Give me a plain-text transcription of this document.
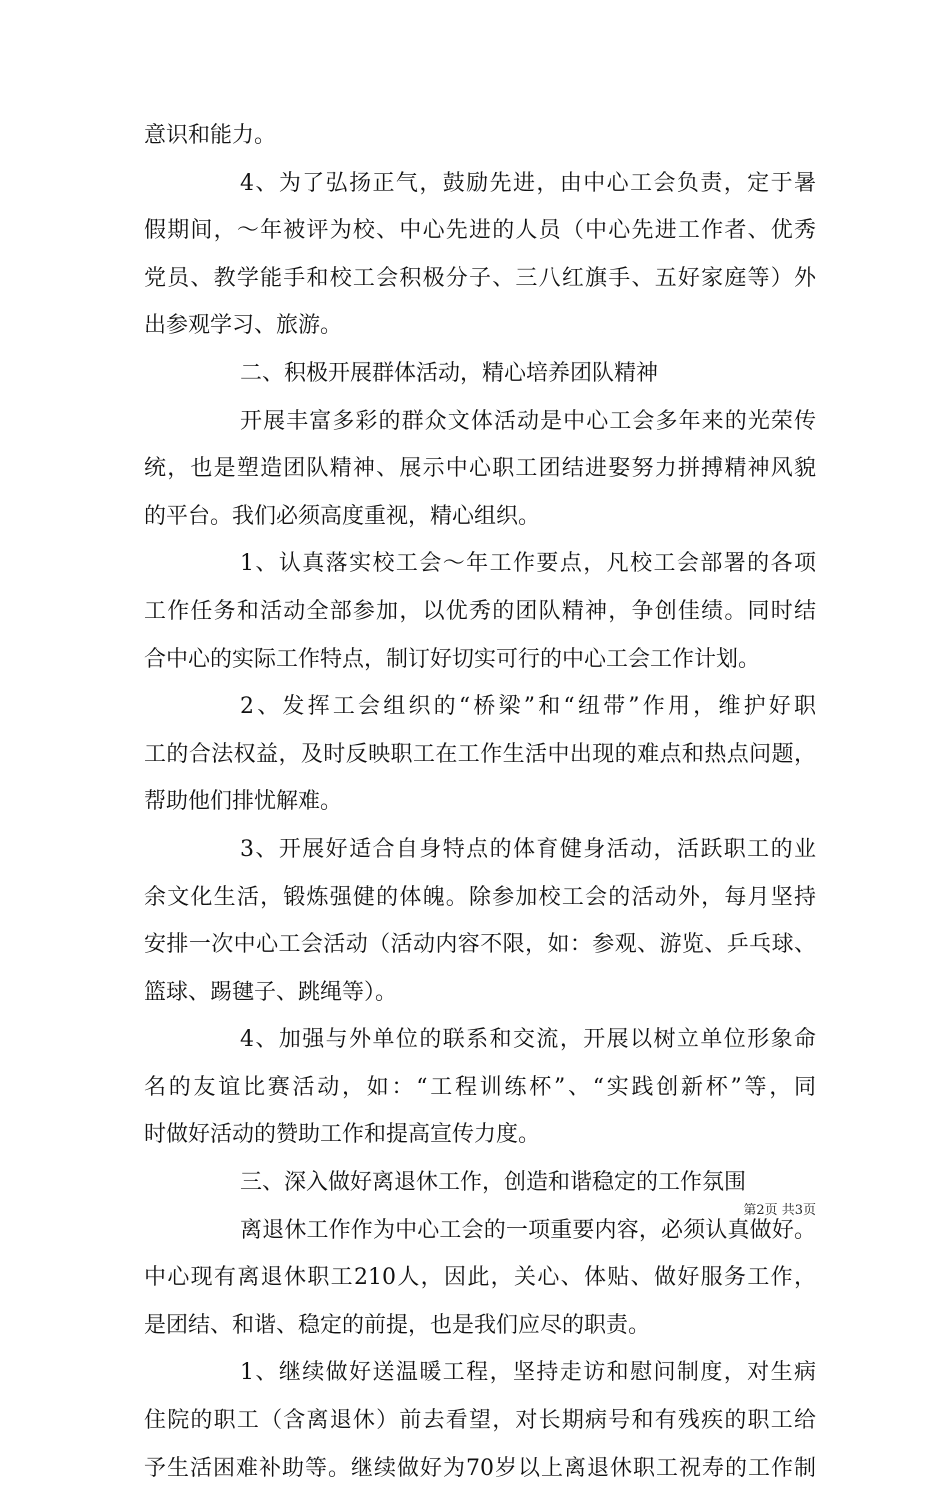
意识和能力。
4、为了弘扬正气，鼓励先进，由中心工会负责，定于暑
假期间，～年被评为校、中心先进的人员（中心先进工作者、优秀
党员、教学能手和校工会积极分子、三八红旗手、五好家庭等）外
出参观学习、旅游。
二、积极开展群体活动，精心培养团队精神
开展丰富多彩的群众文体活动是中心工会多年来的光荣传
统，也是塑造团队精神、展示中心职工团结进娶努力拼搏精神风貌
的平台。我们必须高度重视，精心组织。
1、认真落实校工会～年工作要点，凡校工会部署的各项
工作任务和活动全部参加，以优秀的团队精神，争创佳绩。同时结
合中心的实际工作特点，制订好切实可行的中心工会工作计划。
2、发挥工会组织的“桥梁”和“纽带”作用，维护好职
工的合法权益，及时反映职工在工作生活中出现的难点和热点问题，
帮助他们排忧解难。
3、开展好适合自身特点的体育健身活动，活跃职工的业
余文化生活，锻炼强健的体魄。除参加校工会的活动外，每月坚持
安排一次中心工会活动（活动内容不限，如：参观、游览、乒乓球、
篮球、踢毽子、跳绳等）。
4、加强与外单位的联系和交流，开展以树立单位形象命
名的友谊比赛活动，如：“工程训练杯”、“实践创新杯”等，同
时做好活动的赞助工作和提高宣传力度。
三、深入做好离退休工作，创造和谐稳定的工作氛围
离退休工作作为中心工会的一项重要内容，必须认真做好。
中心现有离退休职工210人，因此，关心、体贴、做好服务工作，
是团结、和谐、稳定的前提，也是我们应尽的职责。
1、继续做好送温暖工程，坚持走访和慰问制度，对生病
住院的职工（含离退休）前去看望，对长期病号和有残疾的职工给
予生活困难补助等。继续做好为70岁以上离退休职工祝寿的工作制
第2页 共3页
